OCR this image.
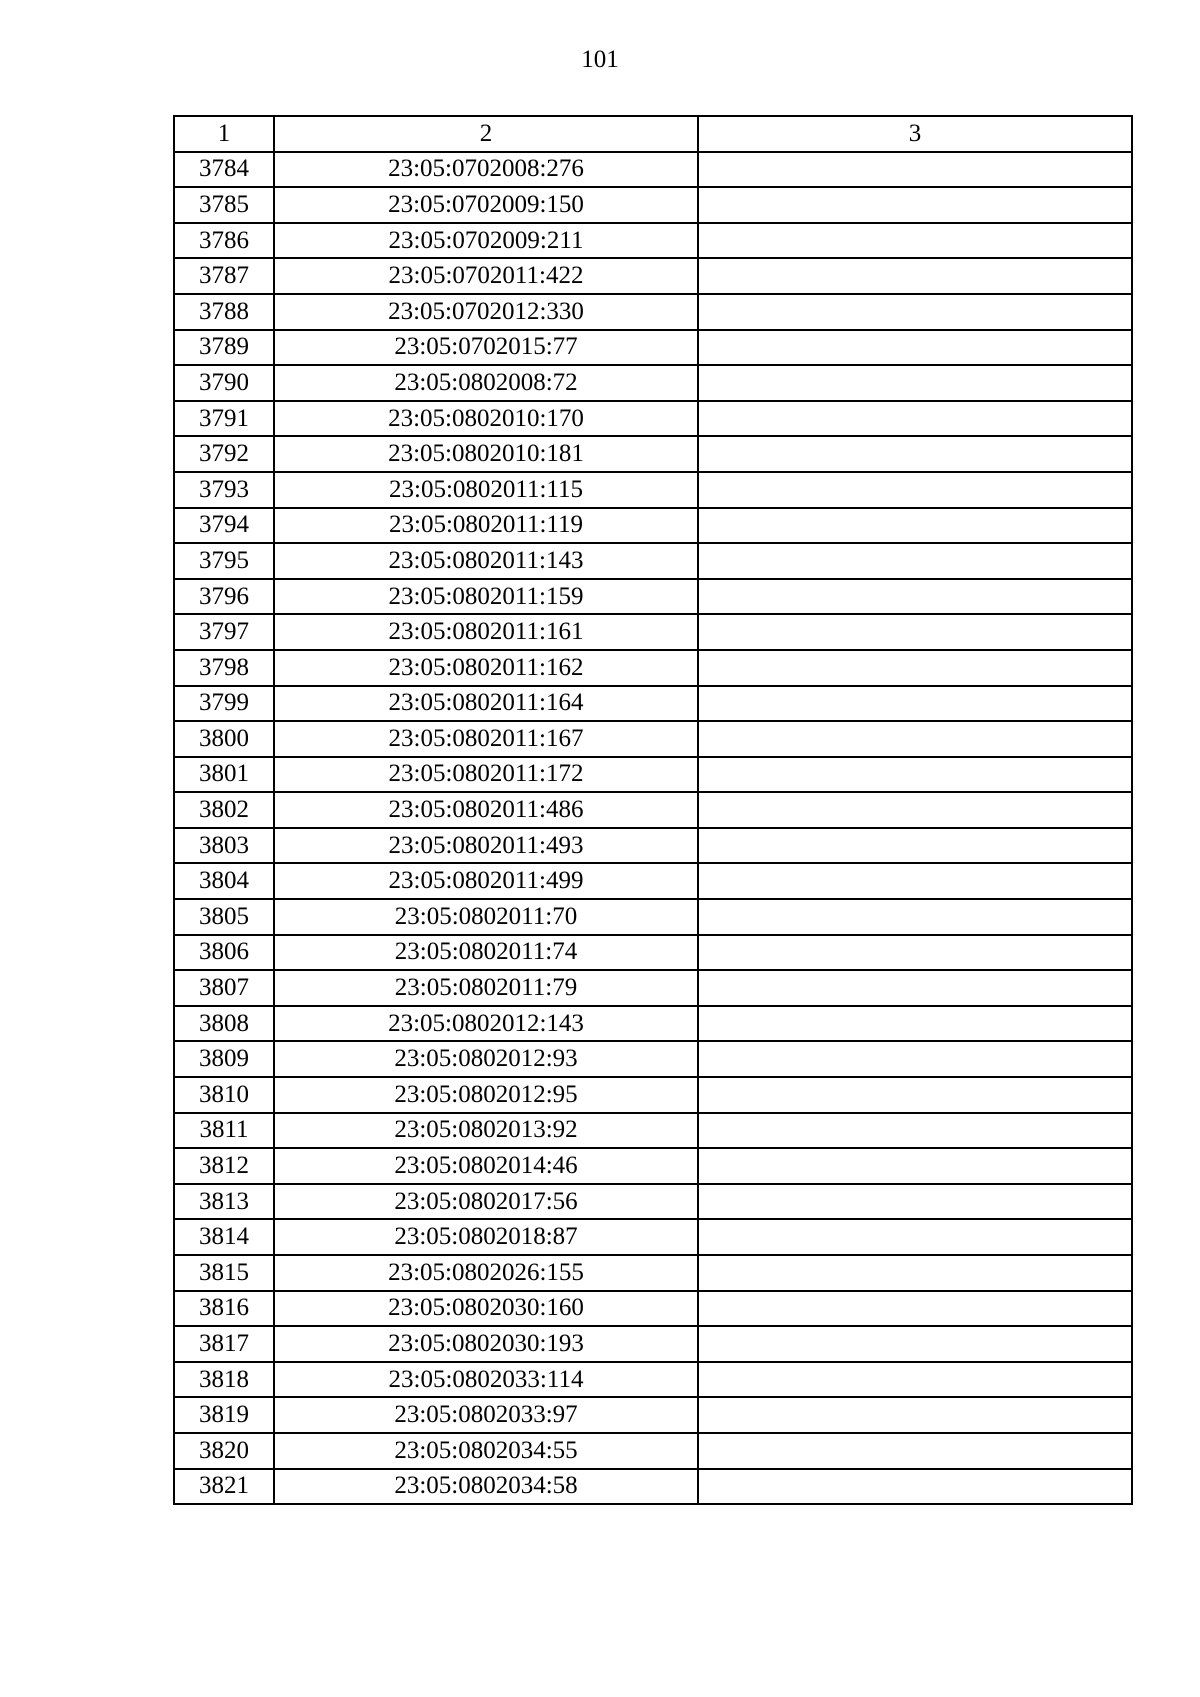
101
1	2	3
3784	23:05:0702008:276	
3785	23:05:0702009:150	
3786	23:05:0702009:211	
3787	23:05:0702011:422	
3788	23:05:0702012:330	
3789	23:05:0702015:77	
3790	23:05:0802008:72	
3791	23:05:0802010:170	
3792	23:05:0802010:181	
3793	23:05:0802011:115	
3794	23:05:0802011:119	
3795	23:05:0802011:143	
3796	23:05:0802011:159	
3797	23:05:0802011:161	
3798	23:05:0802011:162	
3799	23:05:0802011:164	
3800	23:05:0802011:167	
3801	23:05:0802011:172	
3802	23:05:0802011:486	
3803	23:05:0802011:493	
3804	23:05:0802011:499	
3805	23:05:0802011:70	
3806	23:05:0802011:74	
3807	23:05:0802011:79	
3808	23:05:0802012:143	
3809	23:05:0802012:93	
3810	23:05:0802012:95	
3811	23:05:0802013:92	
3812	23:05:0802014:46	
3813	23:05:0802017:56	
3814	23:05:0802018:87	
3815	23:05:0802026:155	
3816	23:05:0802030:160	
3817	23:05:0802030:193	
3818	23:05:0802033:114	
3819	23:05:0802033:97	
3820	23:05:0802034:55	
3821	23:05:0802034:58	
